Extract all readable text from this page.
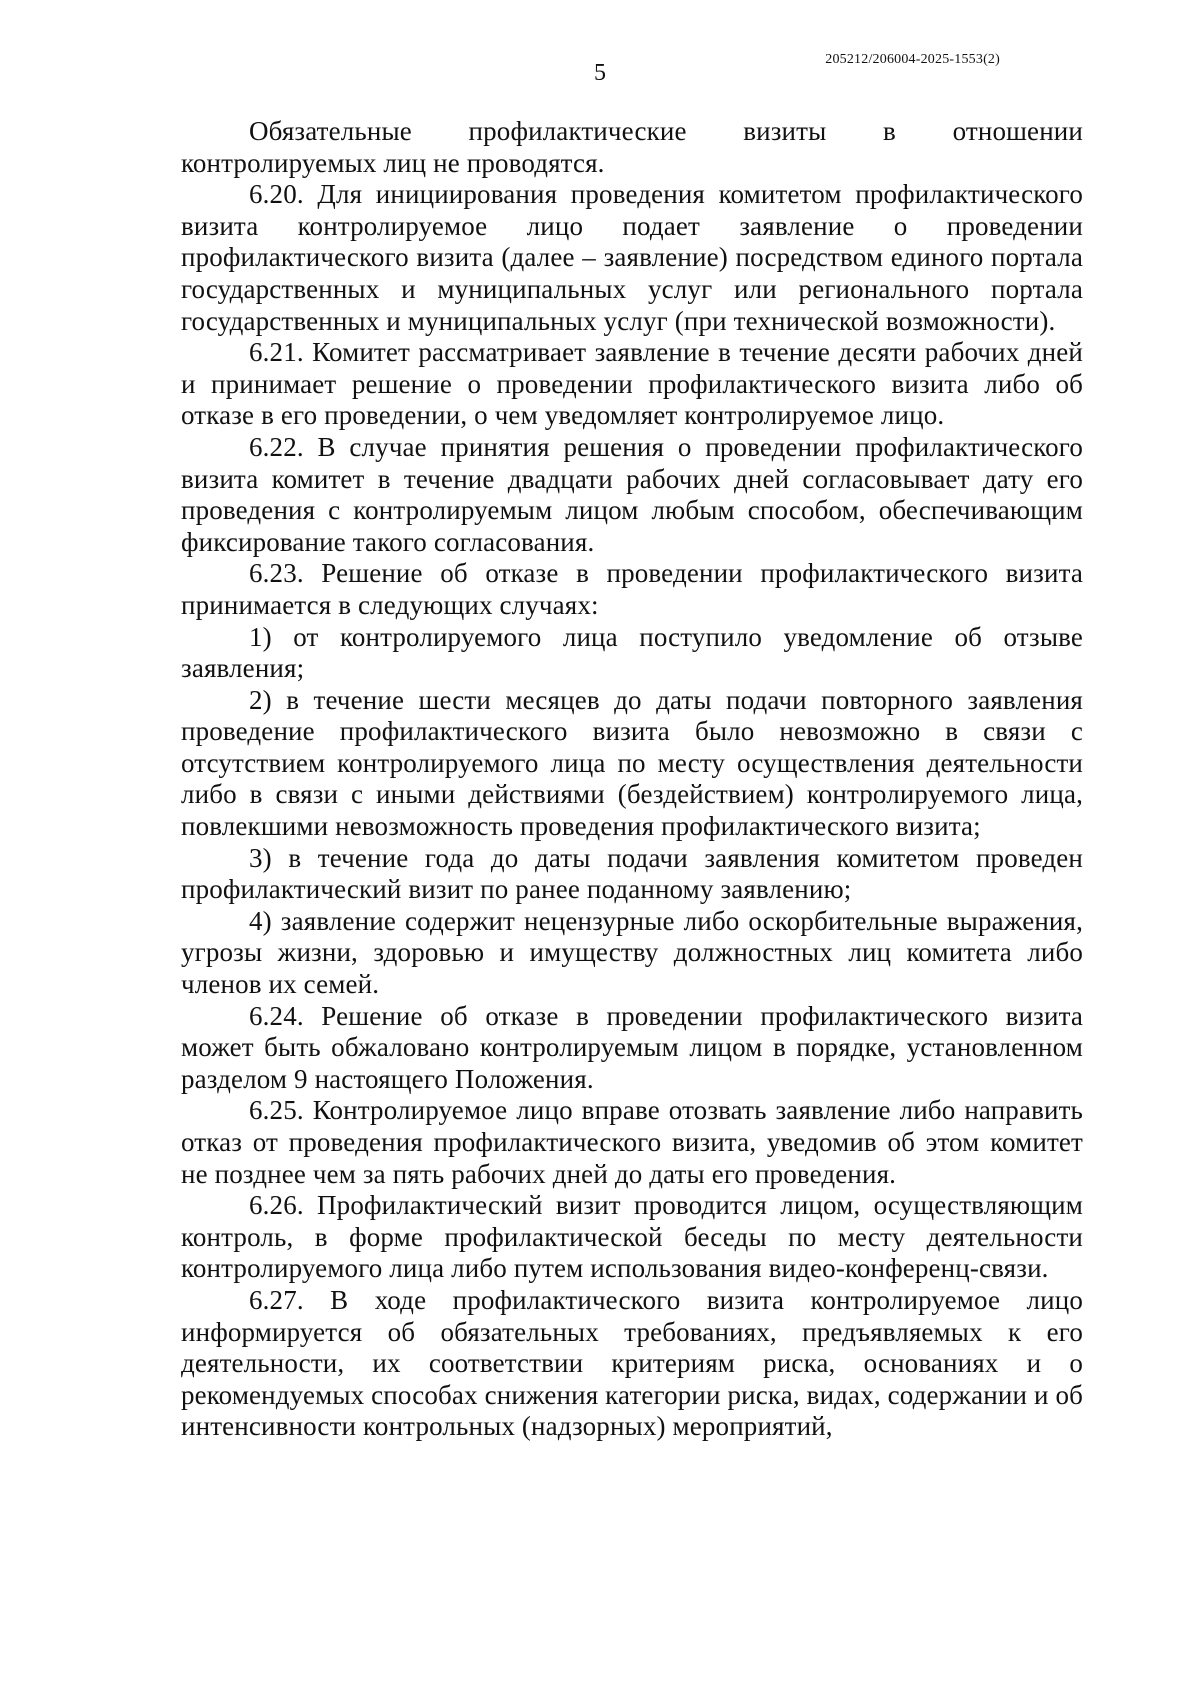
205212/206004-2025-1553(2)
5

Обязательные профилактические визиты в отношении контролируемых лиц не проводятся.

6.20. Для инициирования проведения комитетом профилактического визита контролируемое лицо подает заявление о проведении профилактического визита (далее – заявление) посредством единого портала государственных и муниципальных услуг или регионального портала государственных и муниципальных услуг (при технической возможности).

6.21. Комитет рассматривает заявление в течение десяти рабочих дней и принимает решение о проведении профилактического визита либо об отказе в его проведении, о чем уведомляет контролируемое лицо.

6.22. В случае принятия решения о проведении профилактического визита комитет в течение двадцати рабочих дней согласовывает дату его проведения с контролируемым лицом любым способом, обеспечивающим фиксирование такого согласования.

6.23. Решение об отказе в проведении профилактического визита принимается в следующих случаях:

1) от контролируемого лица поступило уведомление об отзыве заявления;

2) в течение шести месяцев до даты подачи повторного заявления проведение профилактического визита было невозможно в связи с отсутствием контролируемого лица по месту осуществления деятельности либо в связи с иными действиями (бездействием) контролируемого лица, повлекшими невозможность проведения профилактического визита;

3) в течение года до даты подачи заявления комитетом проведен профилактический визит по ранее поданному заявлению;

4) заявление содержит нецензурные либо оскорбительные выражения, угрозы жизни, здоровью и имуществу должностных лиц комитета либо членов их семей.

6.24. Решение об отказе в проведении профилактического визита может быть обжаловано контролируемым лицом в порядке, установленном разделом 9 настоящего Положения.

6.25. Контролируемое лицо вправе отозвать заявление либо направить отказ от проведения профилактического визита, уведомив об этом комитет не позднее чем за пять рабочих дней до даты его проведения.

6.26. Профилактический визит проводится лицом, осуществляющим контроль, в форме профилактической беседы по месту деятельности контролируемого лица либо путем использования видео-конференц-связи.

6.27. В ходе профилактического визита контролируемое лицо информируется об обязательных требованиях, предъявляемых к его деятельности, их соответствии критериям риска, основаниях и о рекомендуемых способах снижения категории риска, видах, содержании и об интенсивности контрольных (надзорных) мероприятий,
